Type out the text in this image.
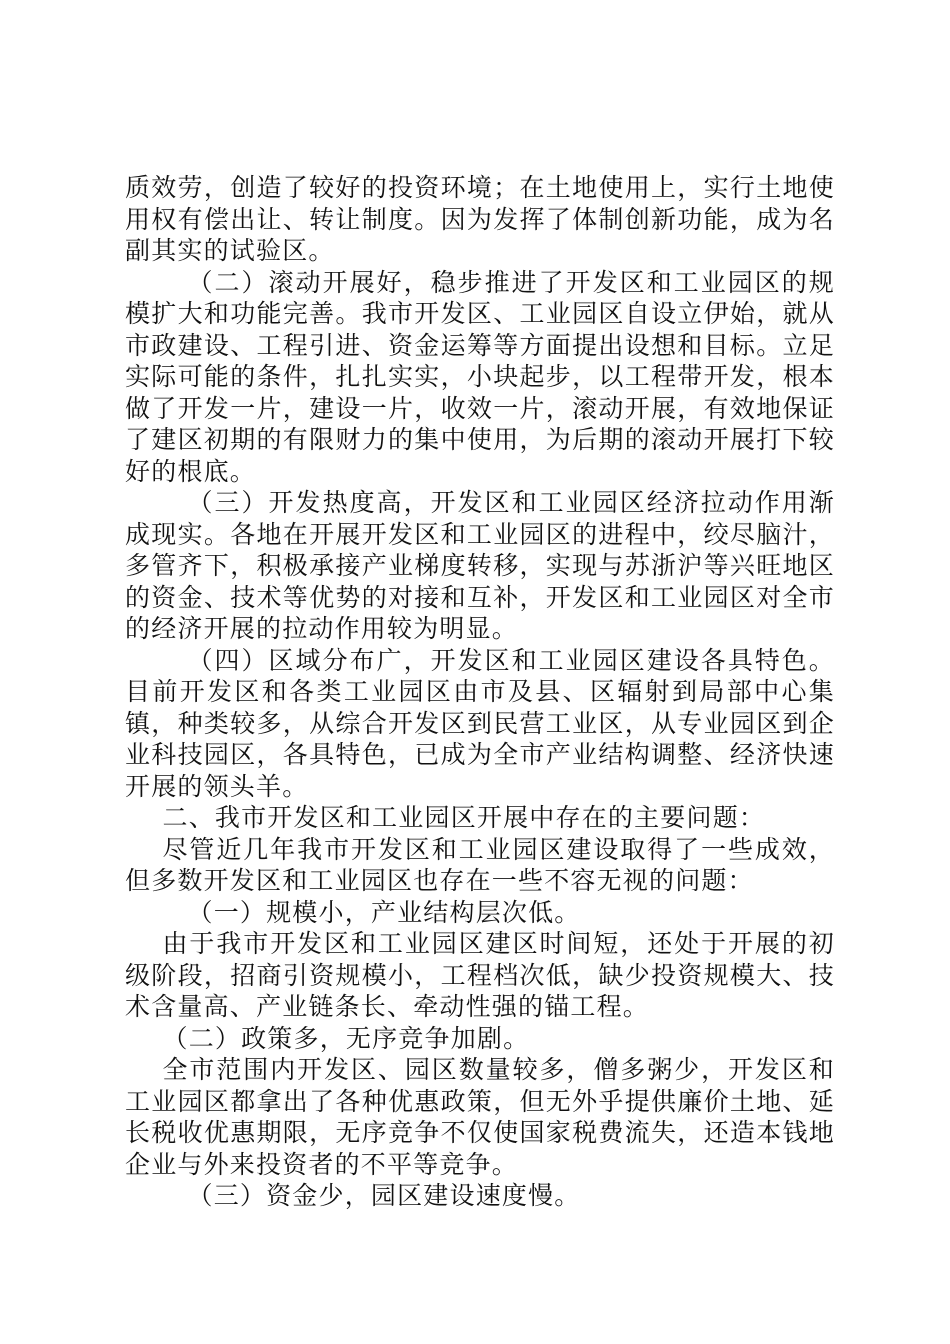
质效劳，创造了较好的投资环境；在土地使用上，实行土地使用权有偿出让、转让制度。因为发挥了体制创新功能，成为名副其实的试验区。

（二）滚动开展好，稳步推进了开发区和工业园区的规模扩大和功能完善。我市开发区、工业园区自设立伊始，就从市政建设、工程引进、资金运筹等方面提出设想和目标。立足实际可能的条件，扎扎实实，小块起步，以工程带开发，根本做了开发一片，建设一片，收效一片，滚动开展，有效地保证了建区初期的有限财力的集中使用，为后期的滚动开展打下较好的根底。

（三）开发热度高，开发区和工业园区经济拉动作用渐成现实。各地在开展开发区和工业园区的进程中，绞尽脑汁，多管齐下，积极承接产业梯度转移，实现与苏浙沪等兴旺地区的资金、技术等优势的对接和互补，开发区和工业园区对全市的经济开展的拉动作用较为明显。

（四）区域分布广，开发区和工业园区建设各具特色。目前开发区和各类工业园区由市及县、区辐射到局部中心集镇，种类较多，从综合开发区到民营工业区，从专业园区到企业科技园区，各具特色，已成为全市产业结构调整、经济快速开展的领头羊。

二、我市开发区和工业园区开展中存在的主要问题：

尽管近几年我市开发区和工业园区建设取得了一些成效，但多数开发区和工业园区也存在一些不容无视的问题：

（一）规模小，产业结构层次低。

由于我市开发区和工业园区建区时间短，还处于开展的初级阶段，招商引资规模小，工程档次低，缺少投资规模大、技术含量高、产业链条长、牵动性强的锚工程。

（二）政策多，无序竞争加剧。

全市范围内开发区、园区数量较多，僧多粥少，开发区和工业园区都拿出了各种优惠政策，但无外乎提供廉价土地、延长税收优惠期限，无序竞争不仅使国家税费流失，还造本钱地企业与外来投资者的不平等竞争。

（三）资金少，园区建设速度慢。
